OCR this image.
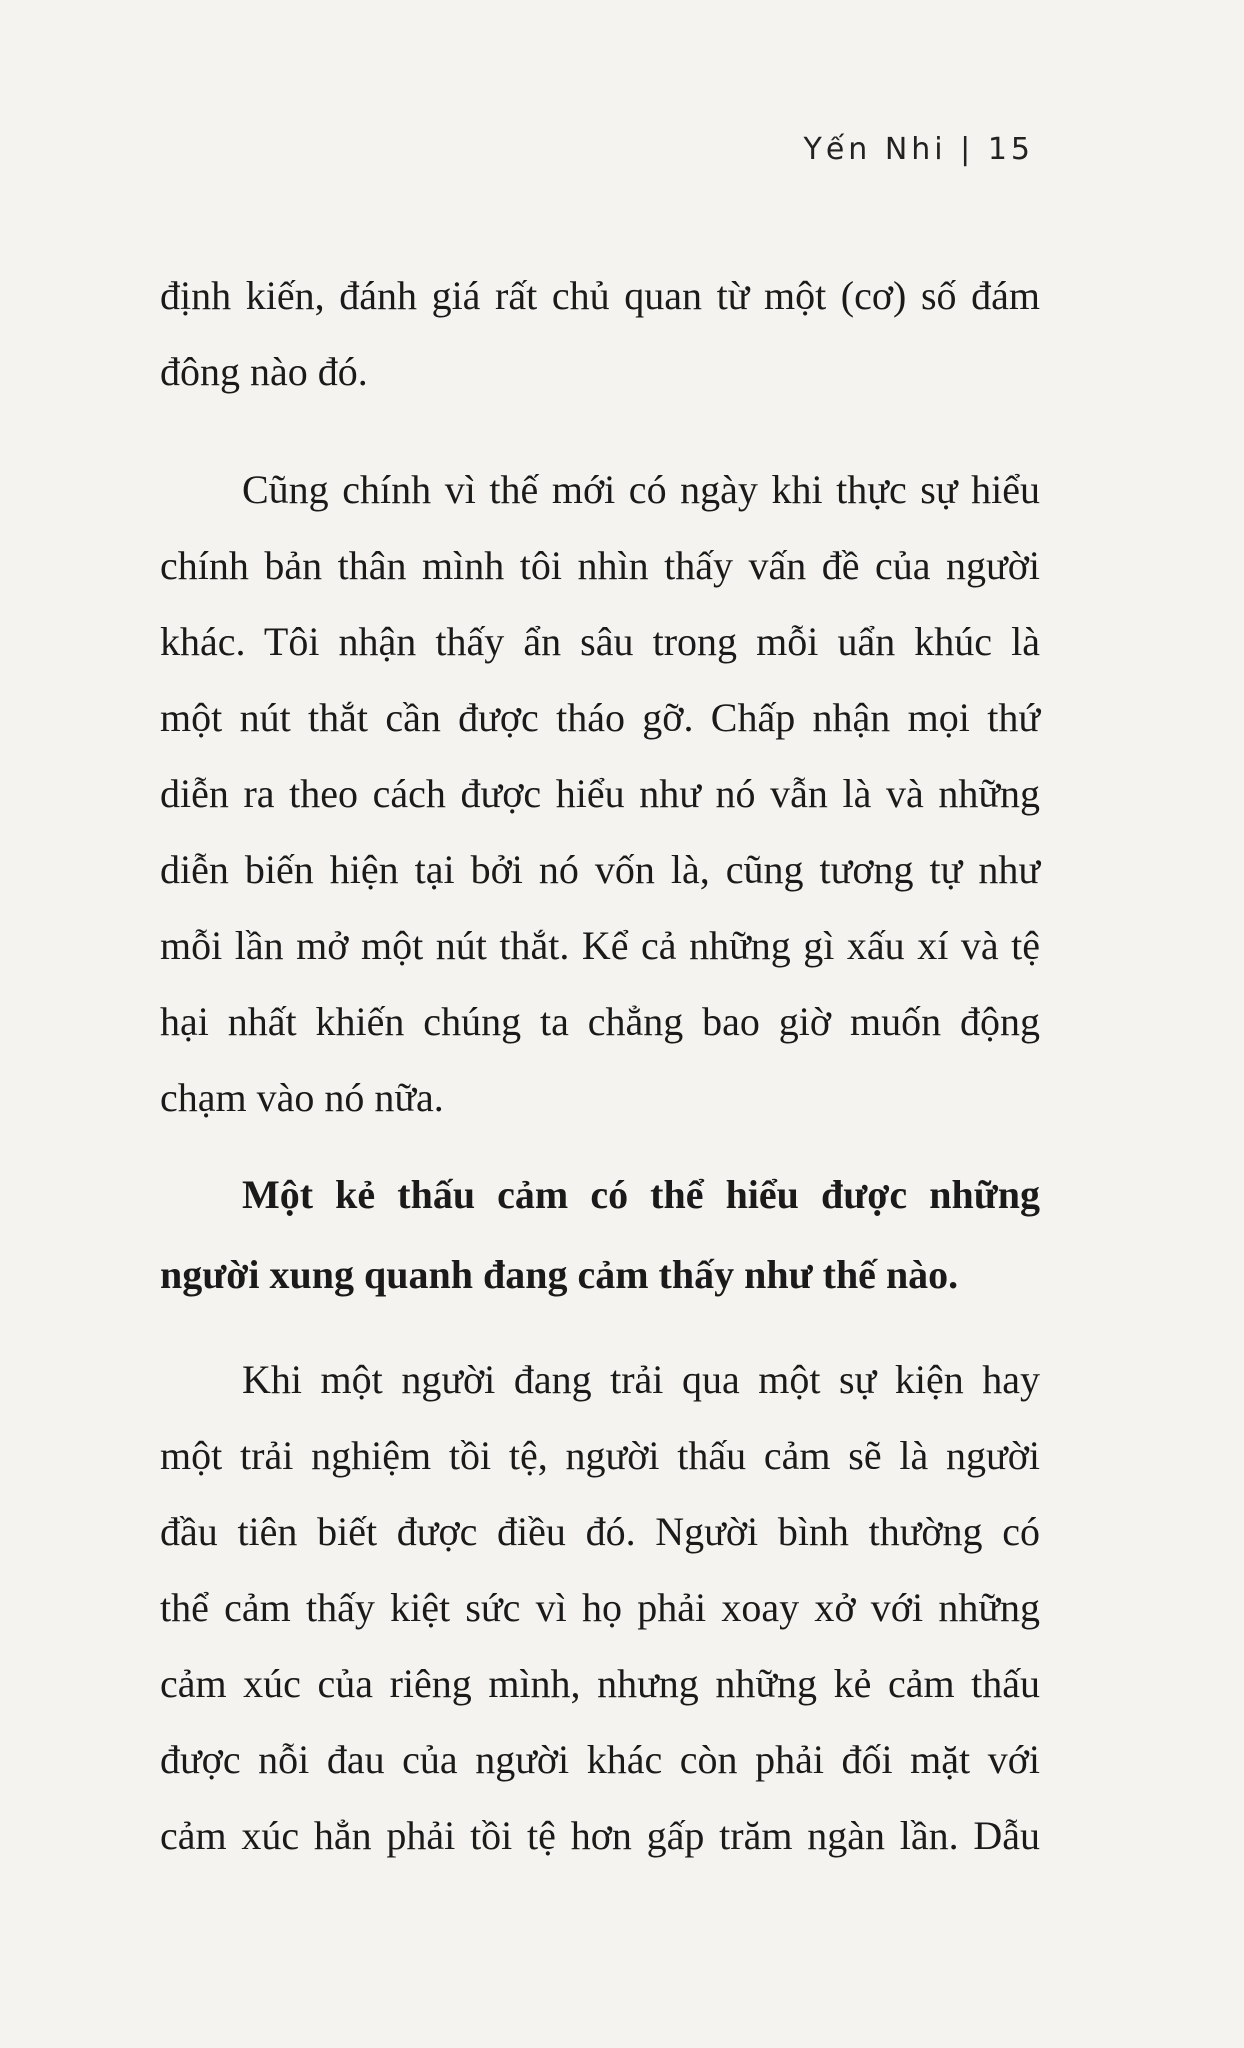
Yến Nhi | 15
định kiến, đánh giá rất chủ quan từ một (cơ) số đám
đông nào đó.
Cũng chính vì thế mới có ngày khi thực sự hiểu
chính bản thân mình tôi nhìn thấy vấn đề của người
khác. Tôi nhận thấy ẩn sâu trong mỗi uẩn khúc là
một nút thắt cần được tháo gỡ. Chấp nhận mọi thứ
diễn ra theo cách được hiểu như nó vẫn là và những
diễn biến hiện tại bởi nó vốn là, cũng tương tự như
mỗi lần mở một nút thắt. Kể cả những gì xấu xí và tệ
hại nhất khiến chúng ta chẳng bao giờ muốn động
chạm vào nó nữa.
Một kẻ thấu cảm có thể hiểu được những
người xung quanh đang cảm thấy như thế nào.
Khi một người đang trải qua một sự kiện hay
một trải nghiệm tồi tệ, người thấu cảm sẽ là người
đầu tiên biết được điều đó. Người bình thường có
thể cảm thấy kiệt sức vì họ phải xoay xở với những
cảm xúc của riêng mình, nhưng những kẻ cảm thấu
được nỗi đau của người khác còn phải đối mặt với
cảm xúc hẳn phải tồi tệ hơn gấp trăm ngàn lần. Dẫu
